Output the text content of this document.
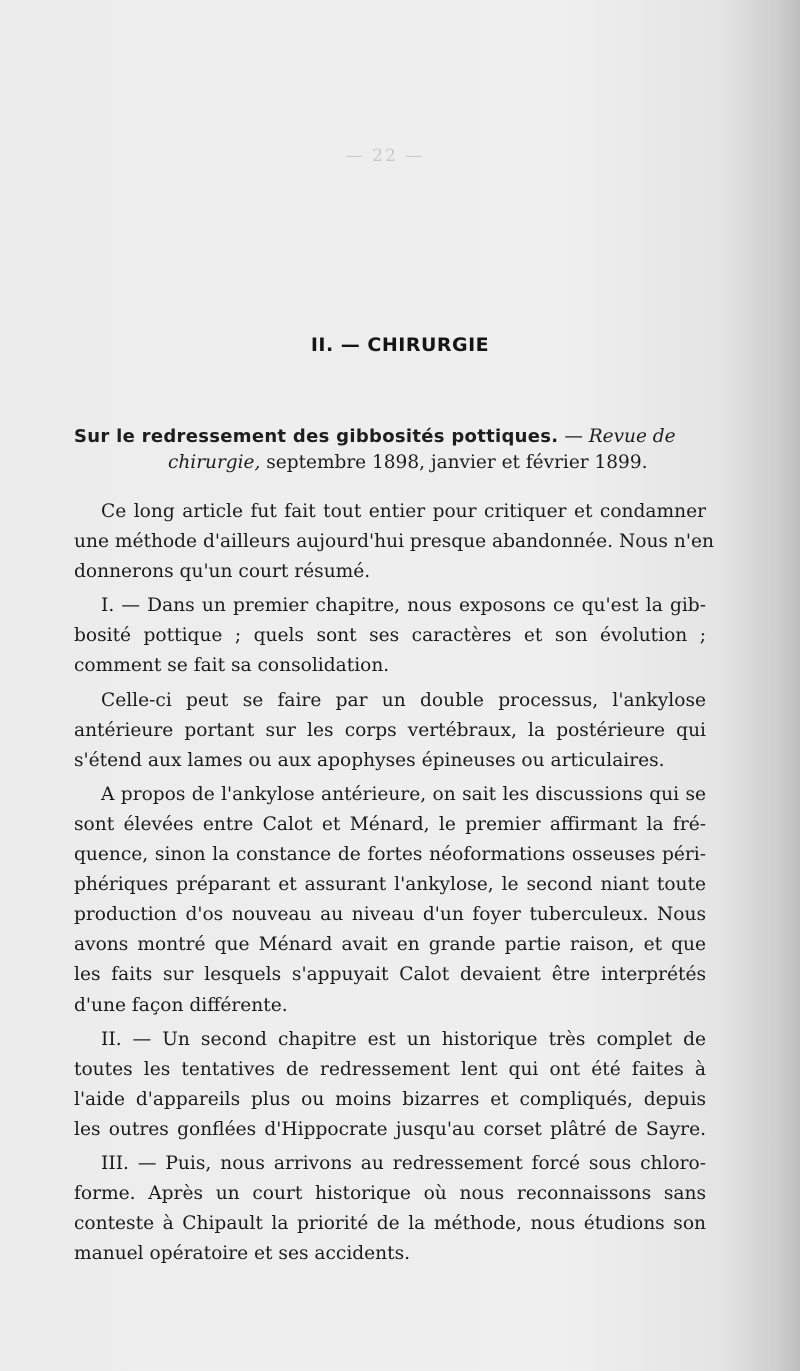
— 22 —
II. — CHIRURGIE
Sur le redressement des gibbosités pottiques. — Revue de
chirurgie, septembre 1898, janvier et février 1899.

Ce long article fut fait tout entier pour critiquer et condamner
une méthode d'ailleurs aujourd'hui presque abandonnée. Nous n'en
donnerons qu'un court résumé.

I. — Dans un premier chapitre, nous exposons ce qu'est la gib-
bosité pottique ; quels sont ses caractères et son évolution ;
comment se fait sa consolidation.

Celle-ci peut se faire par un double processus, l'ankylose
antérieure portant sur les corps vertébraux, la postérieure qui
s'étend aux lames ou aux apophyses épineuses ou articulaires.

A propos de l'ankylose antérieure, on sait les discussions qui se
sont élevées entre Calot et Ménard, le premier affirmant la fré-
quence, sinon la constance de fortes néoformations osseuses péri-
phériques préparant et assurant l'ankylose, le second niant toute
production d'os nouveau au niveau d'un foyer tuberculeux. Nous
avons montré que Ménard avait en grande partie raison, et que
les faits sur lesquels s'appuyait Calot devaient être interprétés
d'une façon différente.

II. — Un second chapitre est un historique très complet de
toutes les tentatives de redressement lent qui ont été faites à
l'aide d'appareils plus ou moins bizarres et compliqués, depuis
les outres gonflées d'Hippocrate jusqu'au corset plâtré de Sayre.

III. — Puis, nous arrivons au redressement forcé sous chloro-
forme. Après un court historique où nous reconnaissons sans
conteste à Chipault la priorité de la méthode, nous étudions son
manuel opératoire et ses accidents.
